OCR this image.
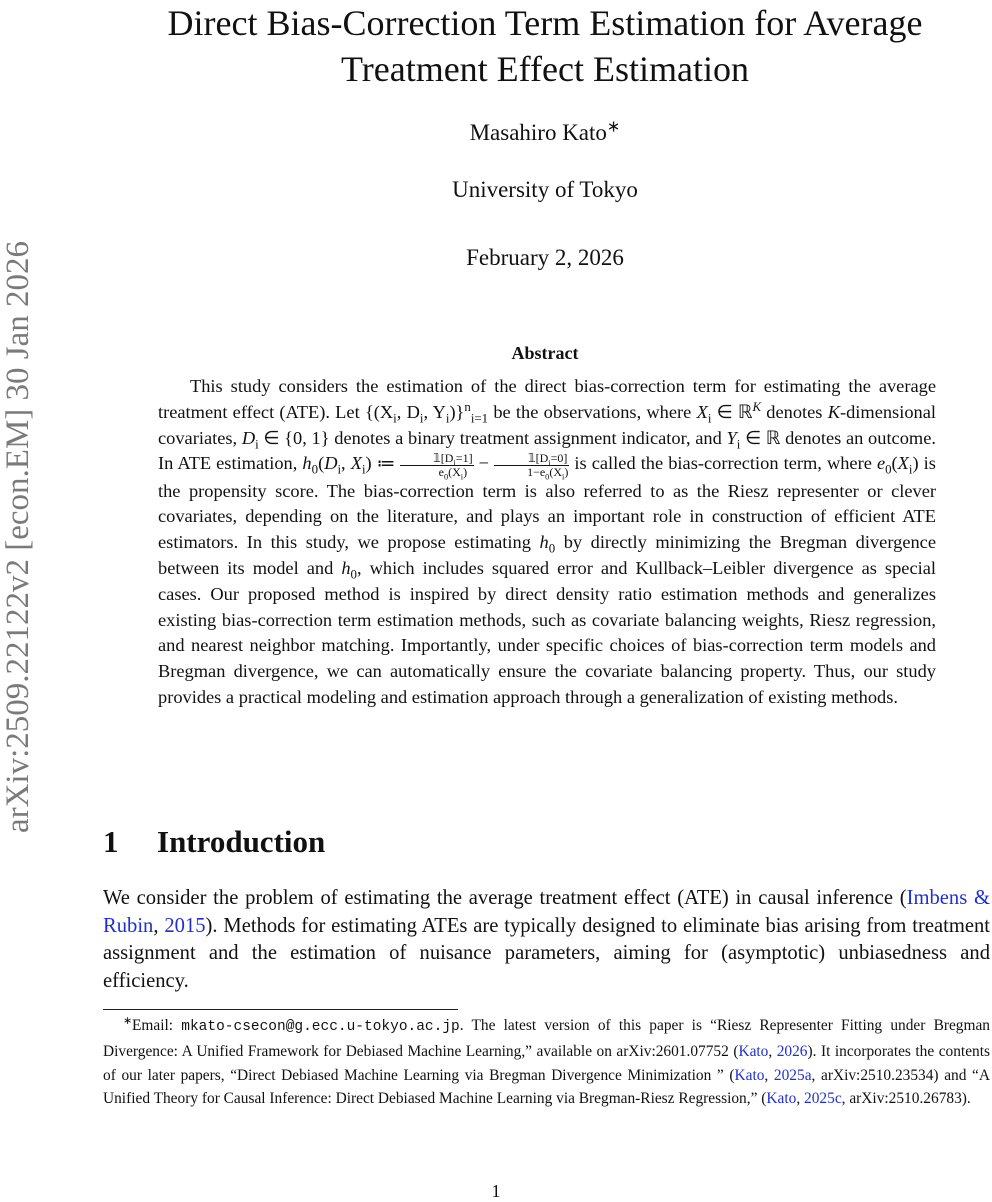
arXiv:2509.22122v2 [econ.EM] 30 Jan 2026
Direct Bias-Correction Term Estimation for Average Treatment Effect Estimation
Masahiro Kato∗
University of Tokyo
February 2, 2026
Abstract

This study considers the estimation of the direct bias-correction term for estimating the average treatment effect (ATE). Let {($X_i$, $D_i$, $Y_i)\}^n_{i=1}$ be the observations, where $X_i$ ∈ ℝ$^K$ denotes K-dimensional covariates, $D_i$ ∈ {0, 1} denotes a binary treatment assignment indicator, and $Y_i$ ∈ ℝ denotes an outcome. In ATE estimation, $h_0(D_i$, $X_i$) ≔ $\frac{𝟙[D_i=1]}{e_0(X_i)} - \frac{𝟙[D_i=0]}{1-e_0(X_i)}$ is called the bias-correction term, where $e_0(X_i)$ is the propensity score. The bias-correction term is also referred to as the Riesz representer or clever covariates, depending on the literature, and plays an important role in construction of efficient ATE estimators. In this study, we propose estimating $h_0$ by directly minimizing the Bregman divergence between its model and $h_0$, which includes squared error and Kullback–Leibler divergence as special cases. Our proposed method is inspired by direct density ratio estimation methods and generalizes existing bias-correction term estimation methods, such as covariate balancing weights, Riesz regression, and nearest neighbor matching. Importantly, under specific choices of bias-correction term models and Bregman divergence, we can automatically ensure the covariate balancing property. Thus, our study provides a practical modeling and estimation approach through a generalization of existing methods.

1 Introduction

We consider the problem of estimating the average treatment effect (ATE) in causal inference (Imbens & Rubin, 2015). Methods for estimating ATEs are typically designed to eliminate bias arising from treatment assignment and the estimation of nuisance parameters, aiming for (asymptotic) unbiasedness and efficiency.

∗Email: mkato-csecon@g.ecc.u-tokyo.ac.jp. The latest version of this paper is “Riesz Representer Fitting under Bregman Divergence: A Unified Framework for Debiased Machine Learning,” available on arXiv:2601.07752 (Kato, 2026). It incorporates the contents of our later papers, “Direct Debiased Machine Learning via Bregman Divergence Minimization ” (Kato, 2025a, arXiv:2510.23534) and “A Unified Theory for Causal Inference: Direct Debiased Machine Learning via Bregman-Riesz Regression,” (Kato, 2025c, arXiv:2510.26783).

1
